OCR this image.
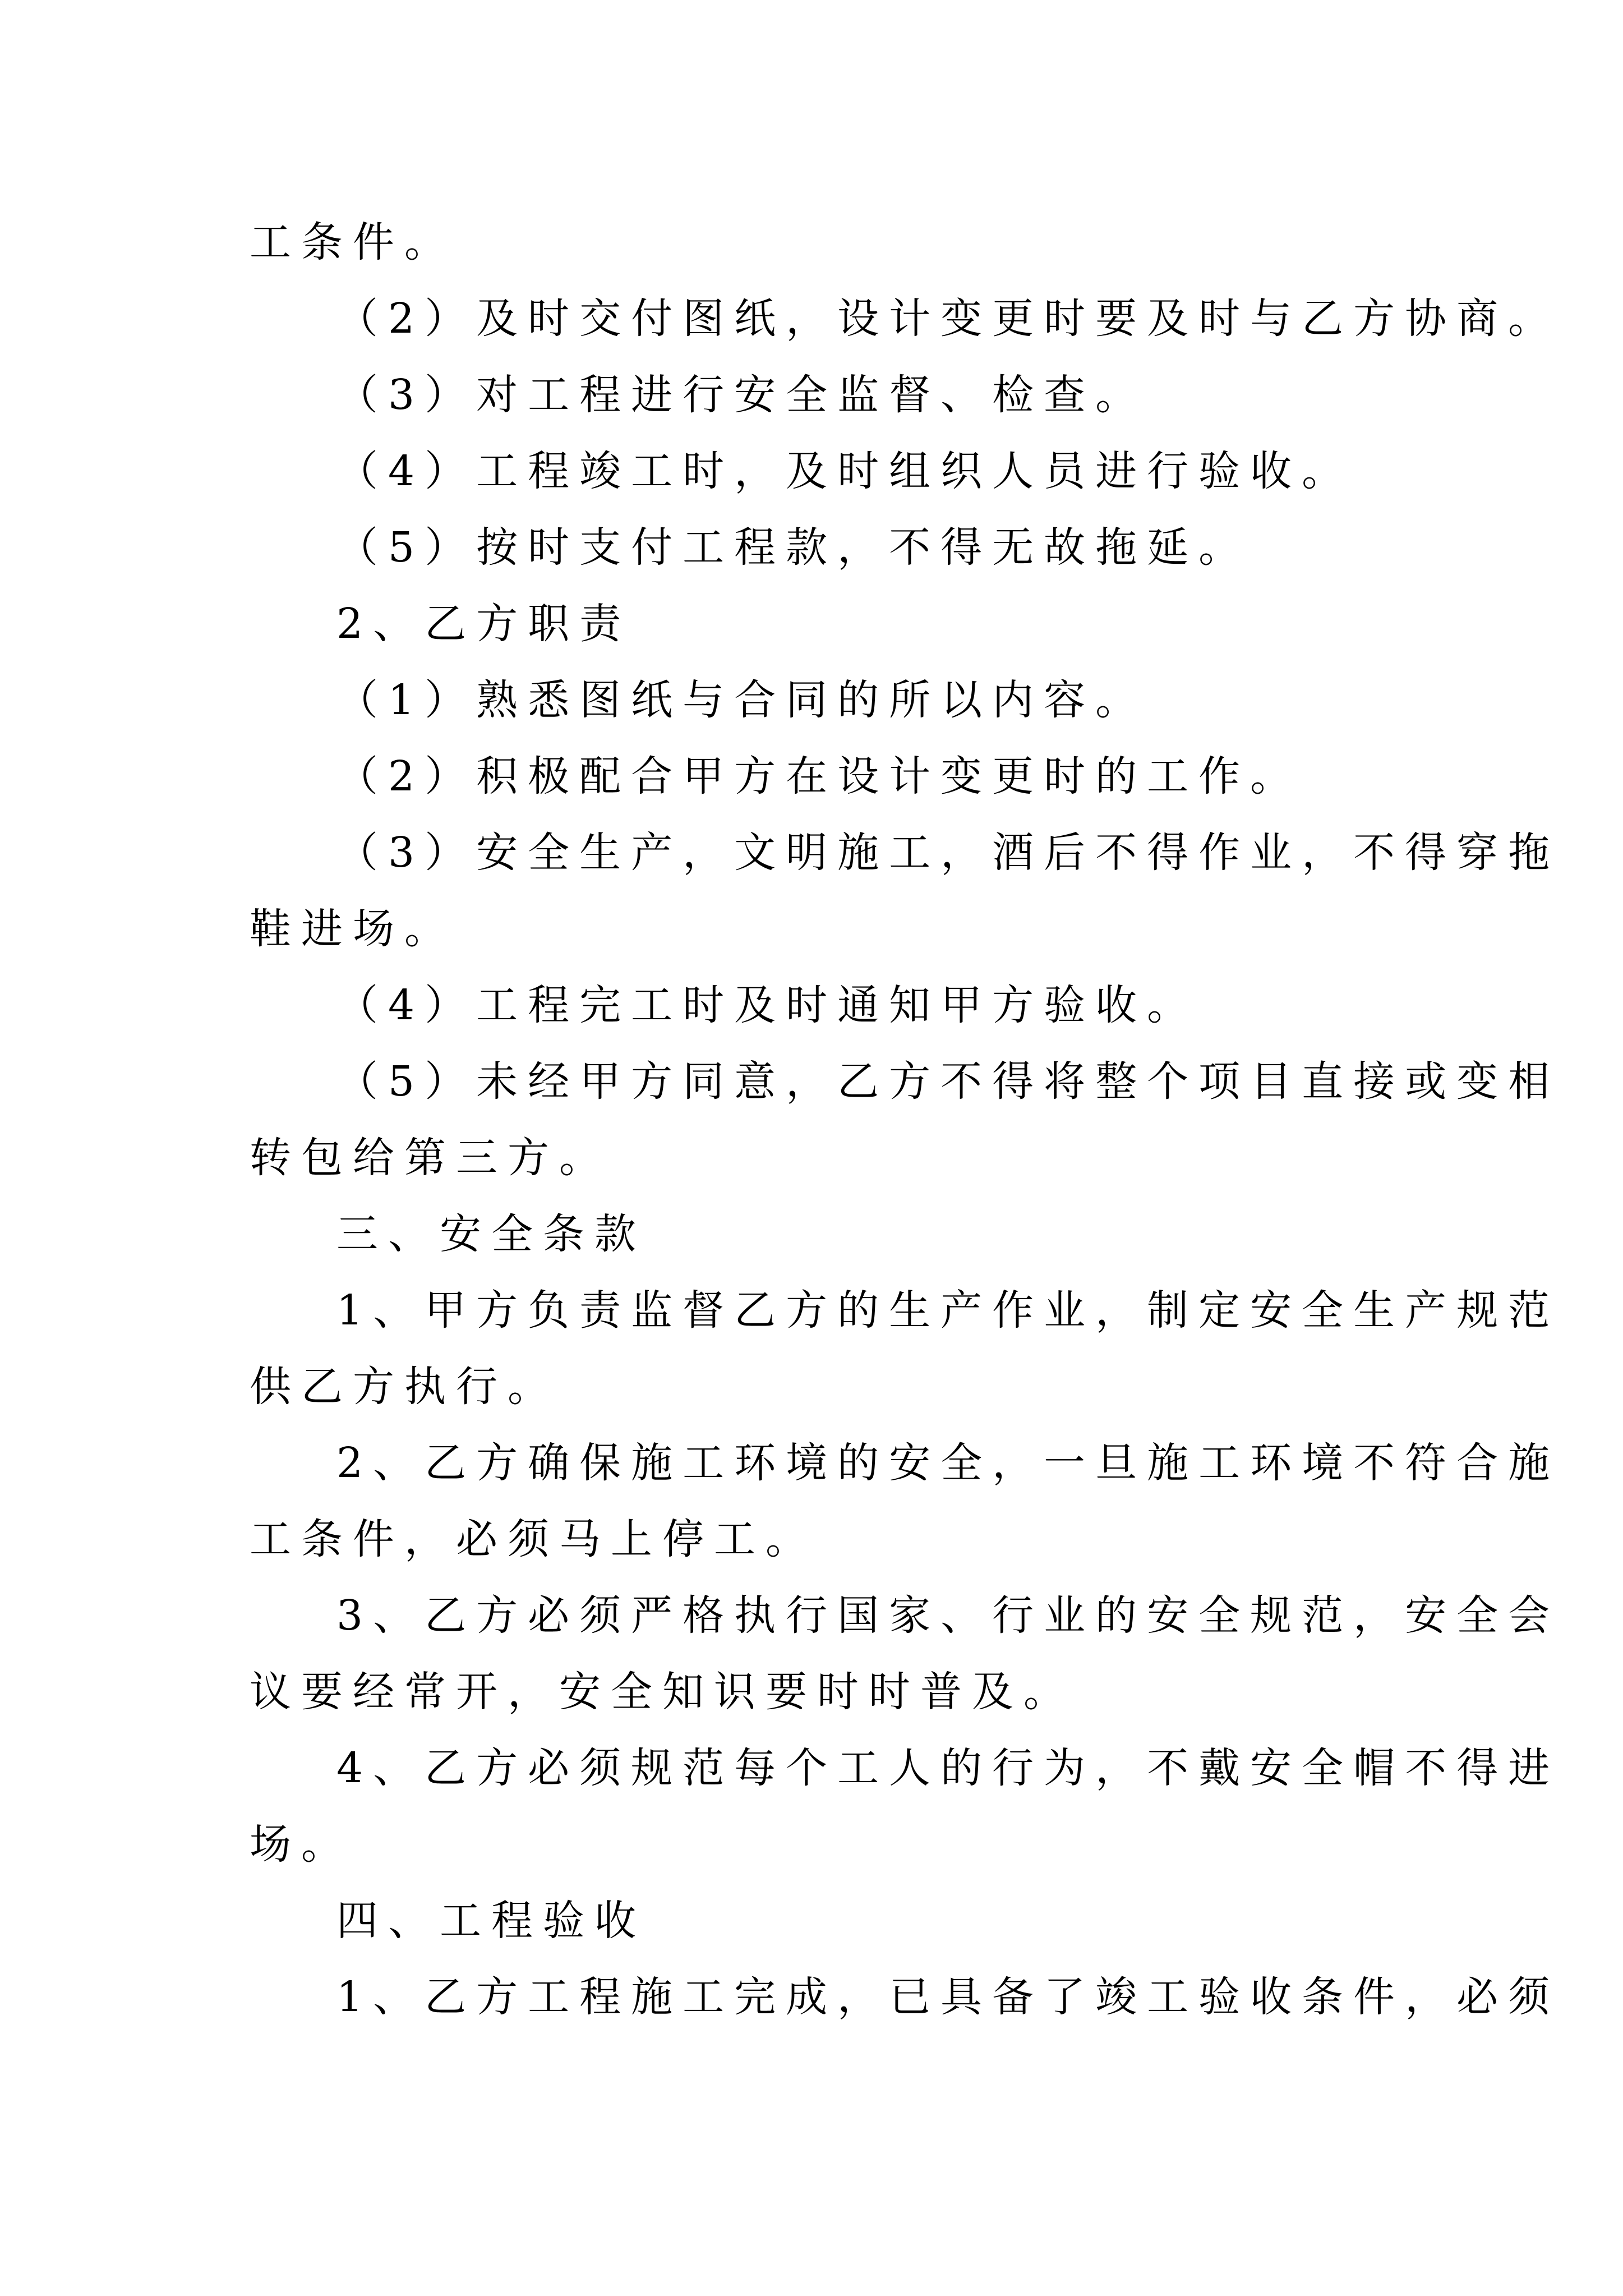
工条件。
（2）及时交付图纸，设计变更时要及时与乙方协商。
（3）对工程进行安全监督、检查。
（4）工程竣工时，及时组织人员进行验收。
（5）按时支付工程款，不得无故拖延。
2、乙方职责
（1）熟悉图纸与合同的所以内容。
（2）积极配合甲方在设计变更时的工作。
（3）安全生产，文明施工，酒后不得作业，不得穿拖
鞋进场。
（4）工程完工时及时通知甲方验收。
（5）未经甲方同意，乙方不得将整个项目直接或变相
转包给第三方。
三、安全条款
1、甲方负责监督乙方的生产作业，制定安全生产规范
供乙方执行。
2、乙方确保施工环境的安全，一旦施工环境不符合施
工条件，必须马上停工。
3、乙方必须严格执行国家、行业的安全规范，安全会
议要经常开，安全知识要时时普及。
4、乙方必须规范每个工人的行为，不戴安全帽不得进
场。
四、工程验收
1、乙方工程施工完成，已具备了竣工验收条件，必须
